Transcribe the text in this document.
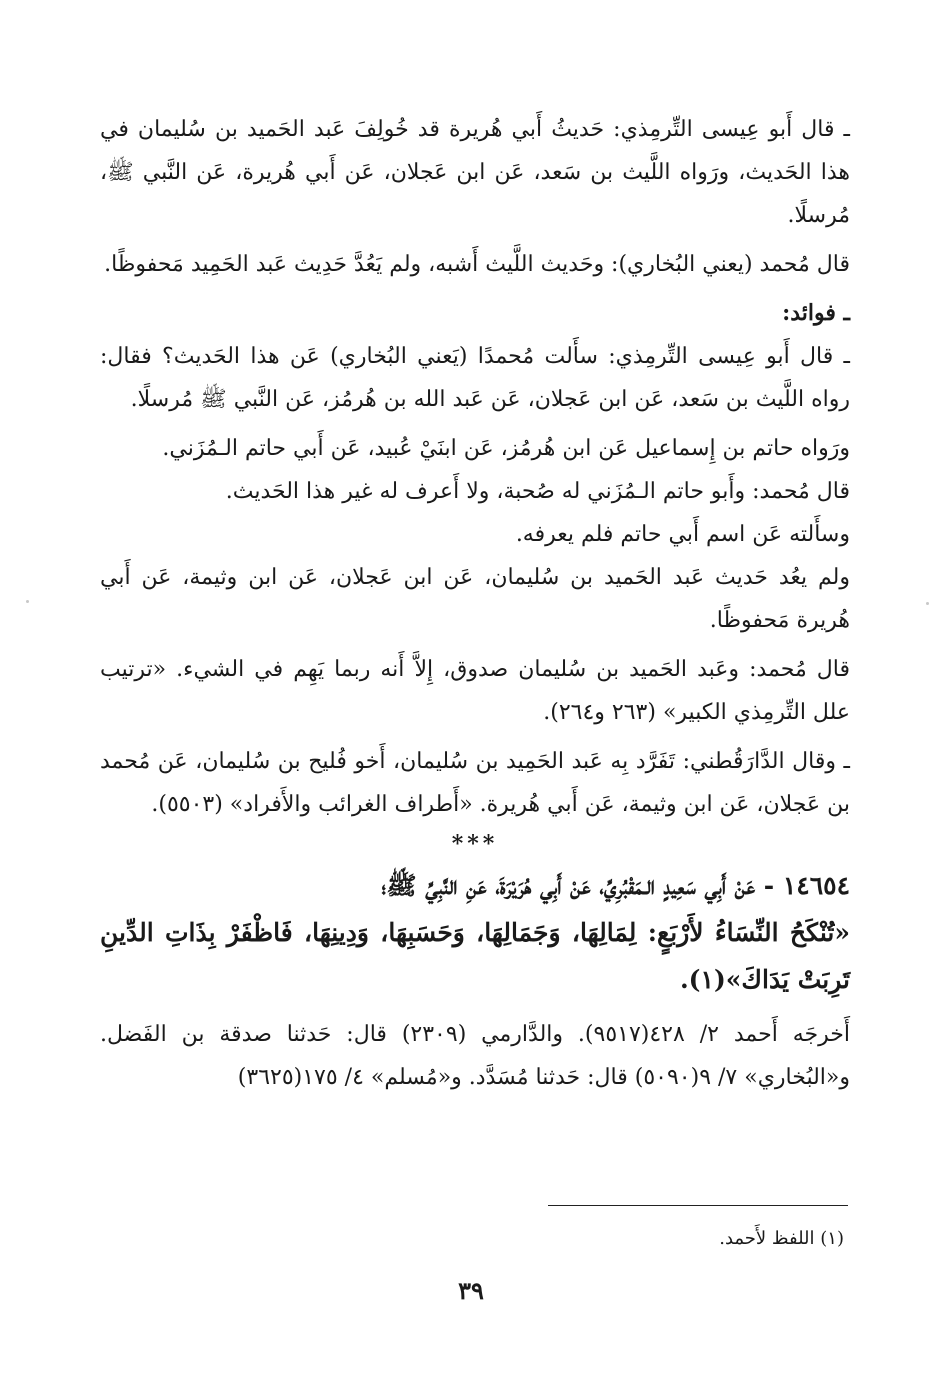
ـ قال أَبو عِيسى التِّرمِذي: حَديثُ أَبي هُريرة قد خُولِفَ عَبد الحَميد بن سُليمان في هذا الحَديث، ورَواه اللَّيث بن سَعد، عَن ابن عَجلان، عَن أَبي هُريرة، عَن النَّبي ﷺ، مُرسلًا.

قال مُحمد (يعني البُخاري): وحَديث اللَّيث أَشبه، ولم يَعُدَّ حَدِيث عَبد الحَمِيد مَحفوظًا.

ـ فوائد:

ـ قال أَبو عِيسى التِّرمِذي: سأَلت مُحمدًا (يَعني البُخاري) عَن هذا الحَديث؟ فقال: رواه اللَّيث بن سَعد، عَن ابن عَجلان، عَن عَبد الله بن هُرمُز، عَن النَّبي ﷺ مُرسلًا.

ورَواه حاتم بن إِسماعيل عَن ابن هُرمُز، عَن ابنَيْ عُبيد، عَن أَبي حاتم الـمُزَني.

قال مُحمد: وأَبو حاتم الـمُزَني له صُحبة، ولا أَعرف له غير هذا الحَديث.

وسأَلته عَن اسم أَبي حاتم فلم يعرفه.

ولم يعُد حَديث عَبد الحَميد بن سُليمان، عَن ابن عَجلان، عَن ابن وثيمة، عَن أَبي هُريرة مَحفوظًا.

قال مُحمد: وعَبد الحَميد بن سُليمان صدوق، إِلاَّ أَنه ربما يَهِم في الشيء. «ترتيب علل التِّرمِذي الكبير» (٢٦٣ و٢٦٤).

ـ وقال الدَّارَقُطني: تَفَرَّد بِه عَبد الحَمِيد بن سُليمان، أَخو فُليح بن سُليمان، عَن مُحمد بن عَجلان، عَن ابن وثيمة، عَن أَبي هُريرة. «أَطراف الغرائب والأَفراد» (٥٥٠٣).

***

١٤٦٥٤ - عَنْ أَبِي سَعِيدٍ الـمَقْبُرِيِّ، عَنْ أَبِي هُرَيْرَةَ، عَنِ النَّبِيِّ ﷺ؛

«تُنْكَحُ النِّسَاءُ لأَرْبَعٍ: لِمَالِهَا، وَجَمَالِهَا، وَحَسَبِهَا، وَدِينِهَا، فَاظْفَرْ بِذَاتِ الدِّينِ تَرِبَتْ يَدَاكَ»(١).

أَخرجَه أَحمد ٢/ ٤٢٨(٩٥١٧). والدَّارمي (٢٣٠٩) قال: حَدثنا صدقة بن الفَضل. و«البُخاري» ٧/ ٩(٥٠٩٠) قال: حَدثنا مُسَدَّد. و«مُسلم» ٤/ ١٧٥(٣٦٢٥)

(١) اللفظ لأَحمد.
٣٩
